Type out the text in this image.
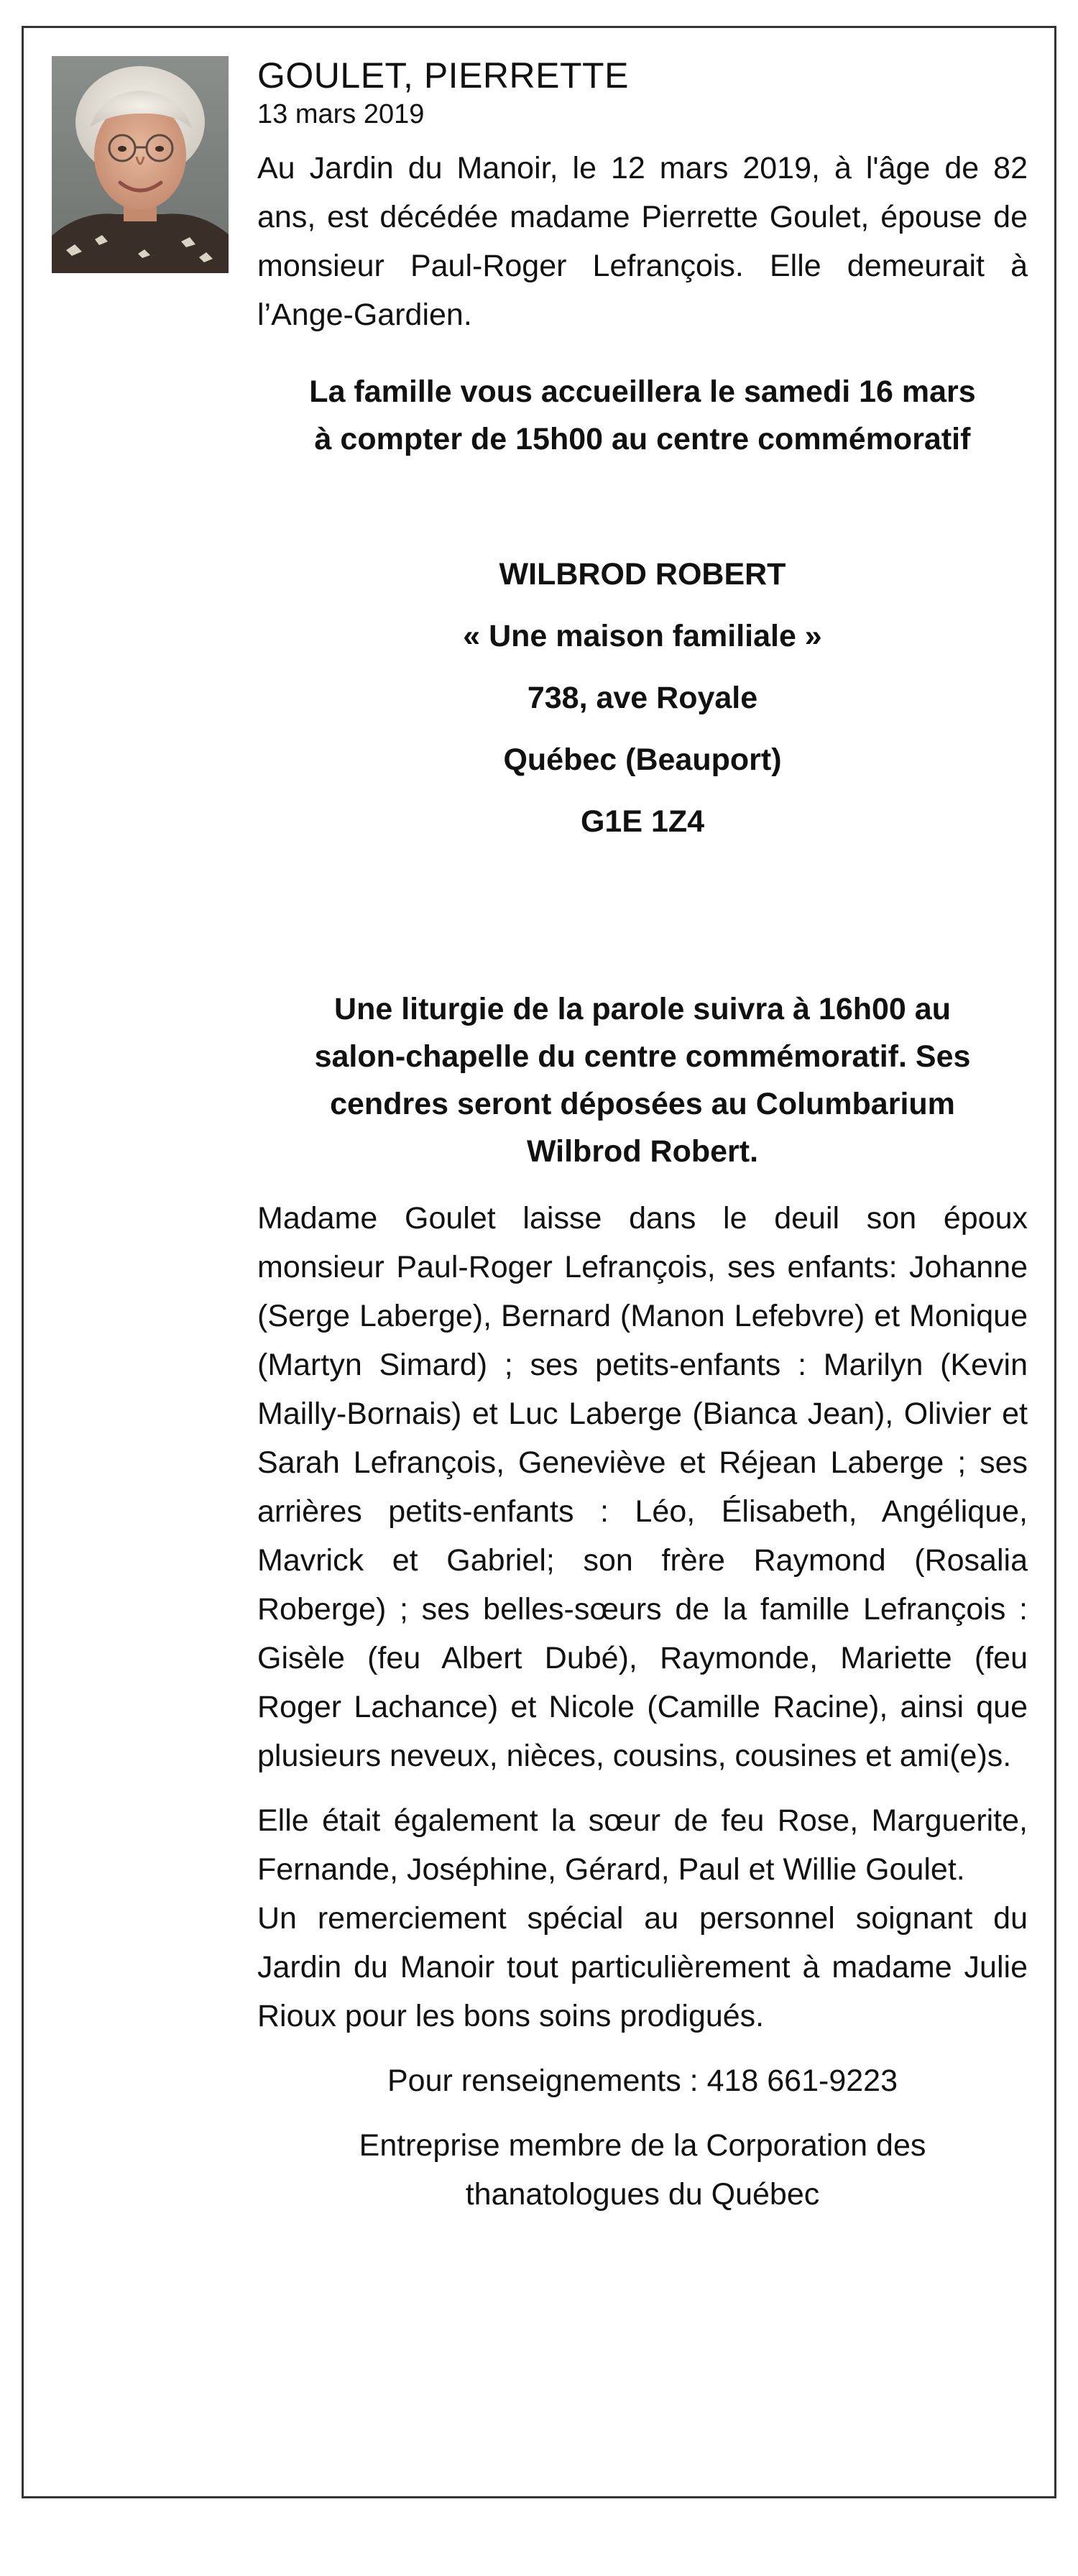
GOULET, PIERRETTE

13 mars 2019

Au Jardin du Manoir, le 12 mars 2019, à l'âge de 82 ans, est décédée madame Pierrette Goulet, épouse de monsieur Paul-Roger Lefrançois. Elle demeurait à l’Ange-Gardien.

La famille vous accueillera le samedi 16 mars

à compter de 15h00 au centre commémoratif

WILBROD ROBERT

« Une maison familiale »

738, ave Royale

Québec (Beauport)

G1E 1Z4

Une liturgie de la parole suivra à 16h00 au

salon-chapelle du centre commémoratif. Ses

cendres seront déposées au Columbarium

Wilbrod Robert.

Madame Goulet laisse dans le deuil son époux monsieur Paul-Roger Lefrançois, ses enfants: Johanne (Serge Laberge), Bernard (Manon Lefebvre) et Monique (Martyn Simard) ; ses petits-enfants : Marilyn (Kevin Mailly-Bornais) et Luc Laberge (Bianca Jean), Olivier et Sarah Lefrançois, Geneviève et Réjean Laberge ; ses arrières petits-enfants : Léo, Élisabeth, Angélique, Mavrick et Gabriel; son frère Raymond (Rosalia Roberge) ; ses belles-sœurs de la famille Lefrançois : Gisèle (feu Albert Dubé), Raymonde, Mariette (feu Roger Lachance) et Nicole (Camille Racine), ainsi que plusieurs neveux, nièces, cousins, cousines et ami(e)s.

Elle était également la sœur de feu Rose, Marguerite, Fernande, Joséphine, Gérard, Paul et Willie Goulet.

Un remerciement spécial au personnel soignant du Jardin du Manoir tout particulièrement à madame Julie Rioux pour les bons soins prodigués.

Pour renseignements : 418 661-9223

Entreprise membre de la Corporation des

thanatologues du Québec
